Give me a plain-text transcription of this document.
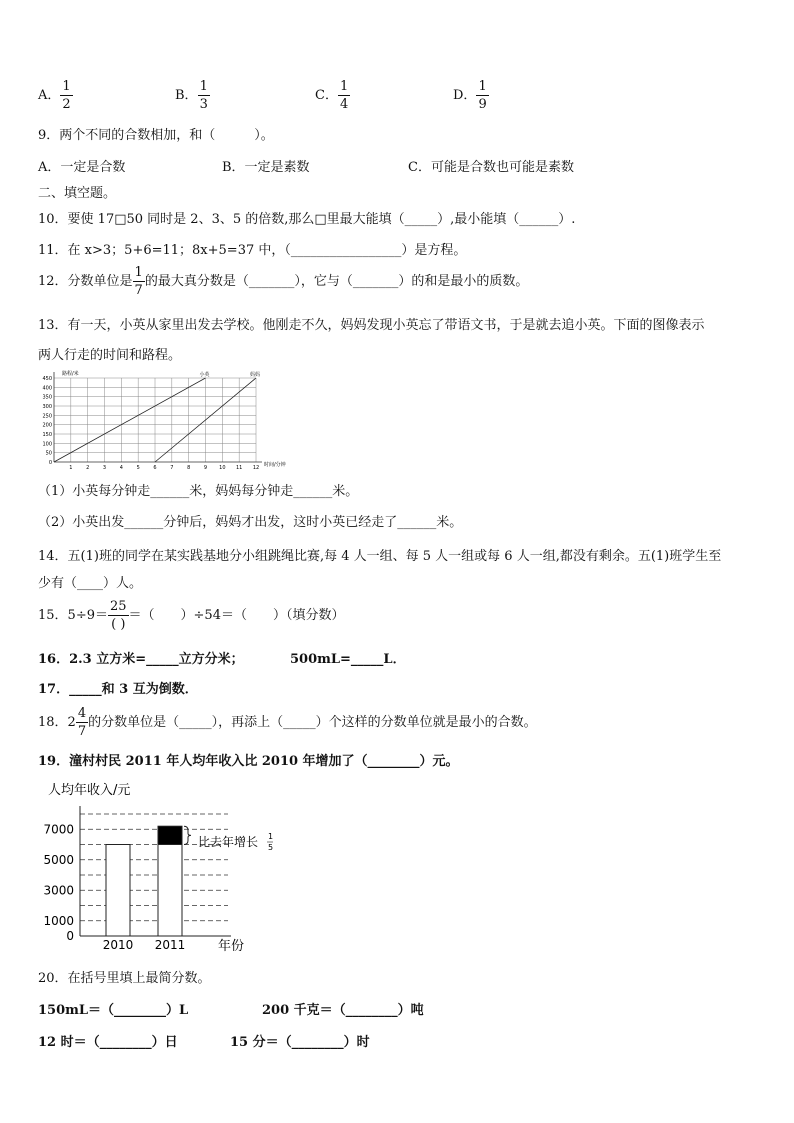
A． $\frac{1}{2}$	B． $\frac{1}{3}$	C． $\frac{1}{4}$	D． $\frac{1}{9}$
9．两个不同的合数相加，和（　　　）。
A．一定是合数	B．一定是素数	C．可能是合数也可能是素数
二、填空题。
10．要使 17□50 同时是 2、3、5 的倍数,那么□里最大能填（_____）,最小能填（______）.
11．在 x>3；5+6=11；8x+5=37 中，（_________________）是方程。
12．分数单位是 $\frac{1}{7}$ 的最大真分数是（_______），它与（_______）的和是最小的质数。
13．有一天，小英从家里出发去学校。他刚走不久，妈妈发现小英忘了带语文书，于是就去追小英。下面的图像表示
两人行走的时间和路程。
0
50
100
150
200
250
300
350
400
450
1	2	3	4	5	6	7	8	9 10 11 12
小英	妈妈
路程/米
时间/分钟
（1）小英每分钟走______米，妈妈每分钟走______米。
（2）小英出发______分钟后，妈妈才出发，这时小英已经走了______米。
14．五(1)班的同学在某实践基地分小组跳绳比赛,每 4 人一组、每 5 人一组或每 6 人一组,都没有剩余。五(1)班学生至
少有（____）人。
15．$5\div 9= \frac{25}{( )}$ ＝（　　）÷54＝（　　）（填分数）
16．2.3 立方米=_____立方分米；	500mL=_____L．
17．_____和 3 互为倒数．
18．$2 \frac{4}{7}$ 的分数单位是（_____），再添上（_____）个这样的分数单位就是最小的合数。
19．潼村村民 2011 年人均年收入比 2010 年增加了（________）元。
人均年收入/元
0
1000
3000
5000
7000
2010 2011	年份
比去年增长 1
5
20．在括号里填上最简分数。
150mL＝（________）L	200 千克＝（________）吨
12 时＝（________）日	15 分＝（________）时
